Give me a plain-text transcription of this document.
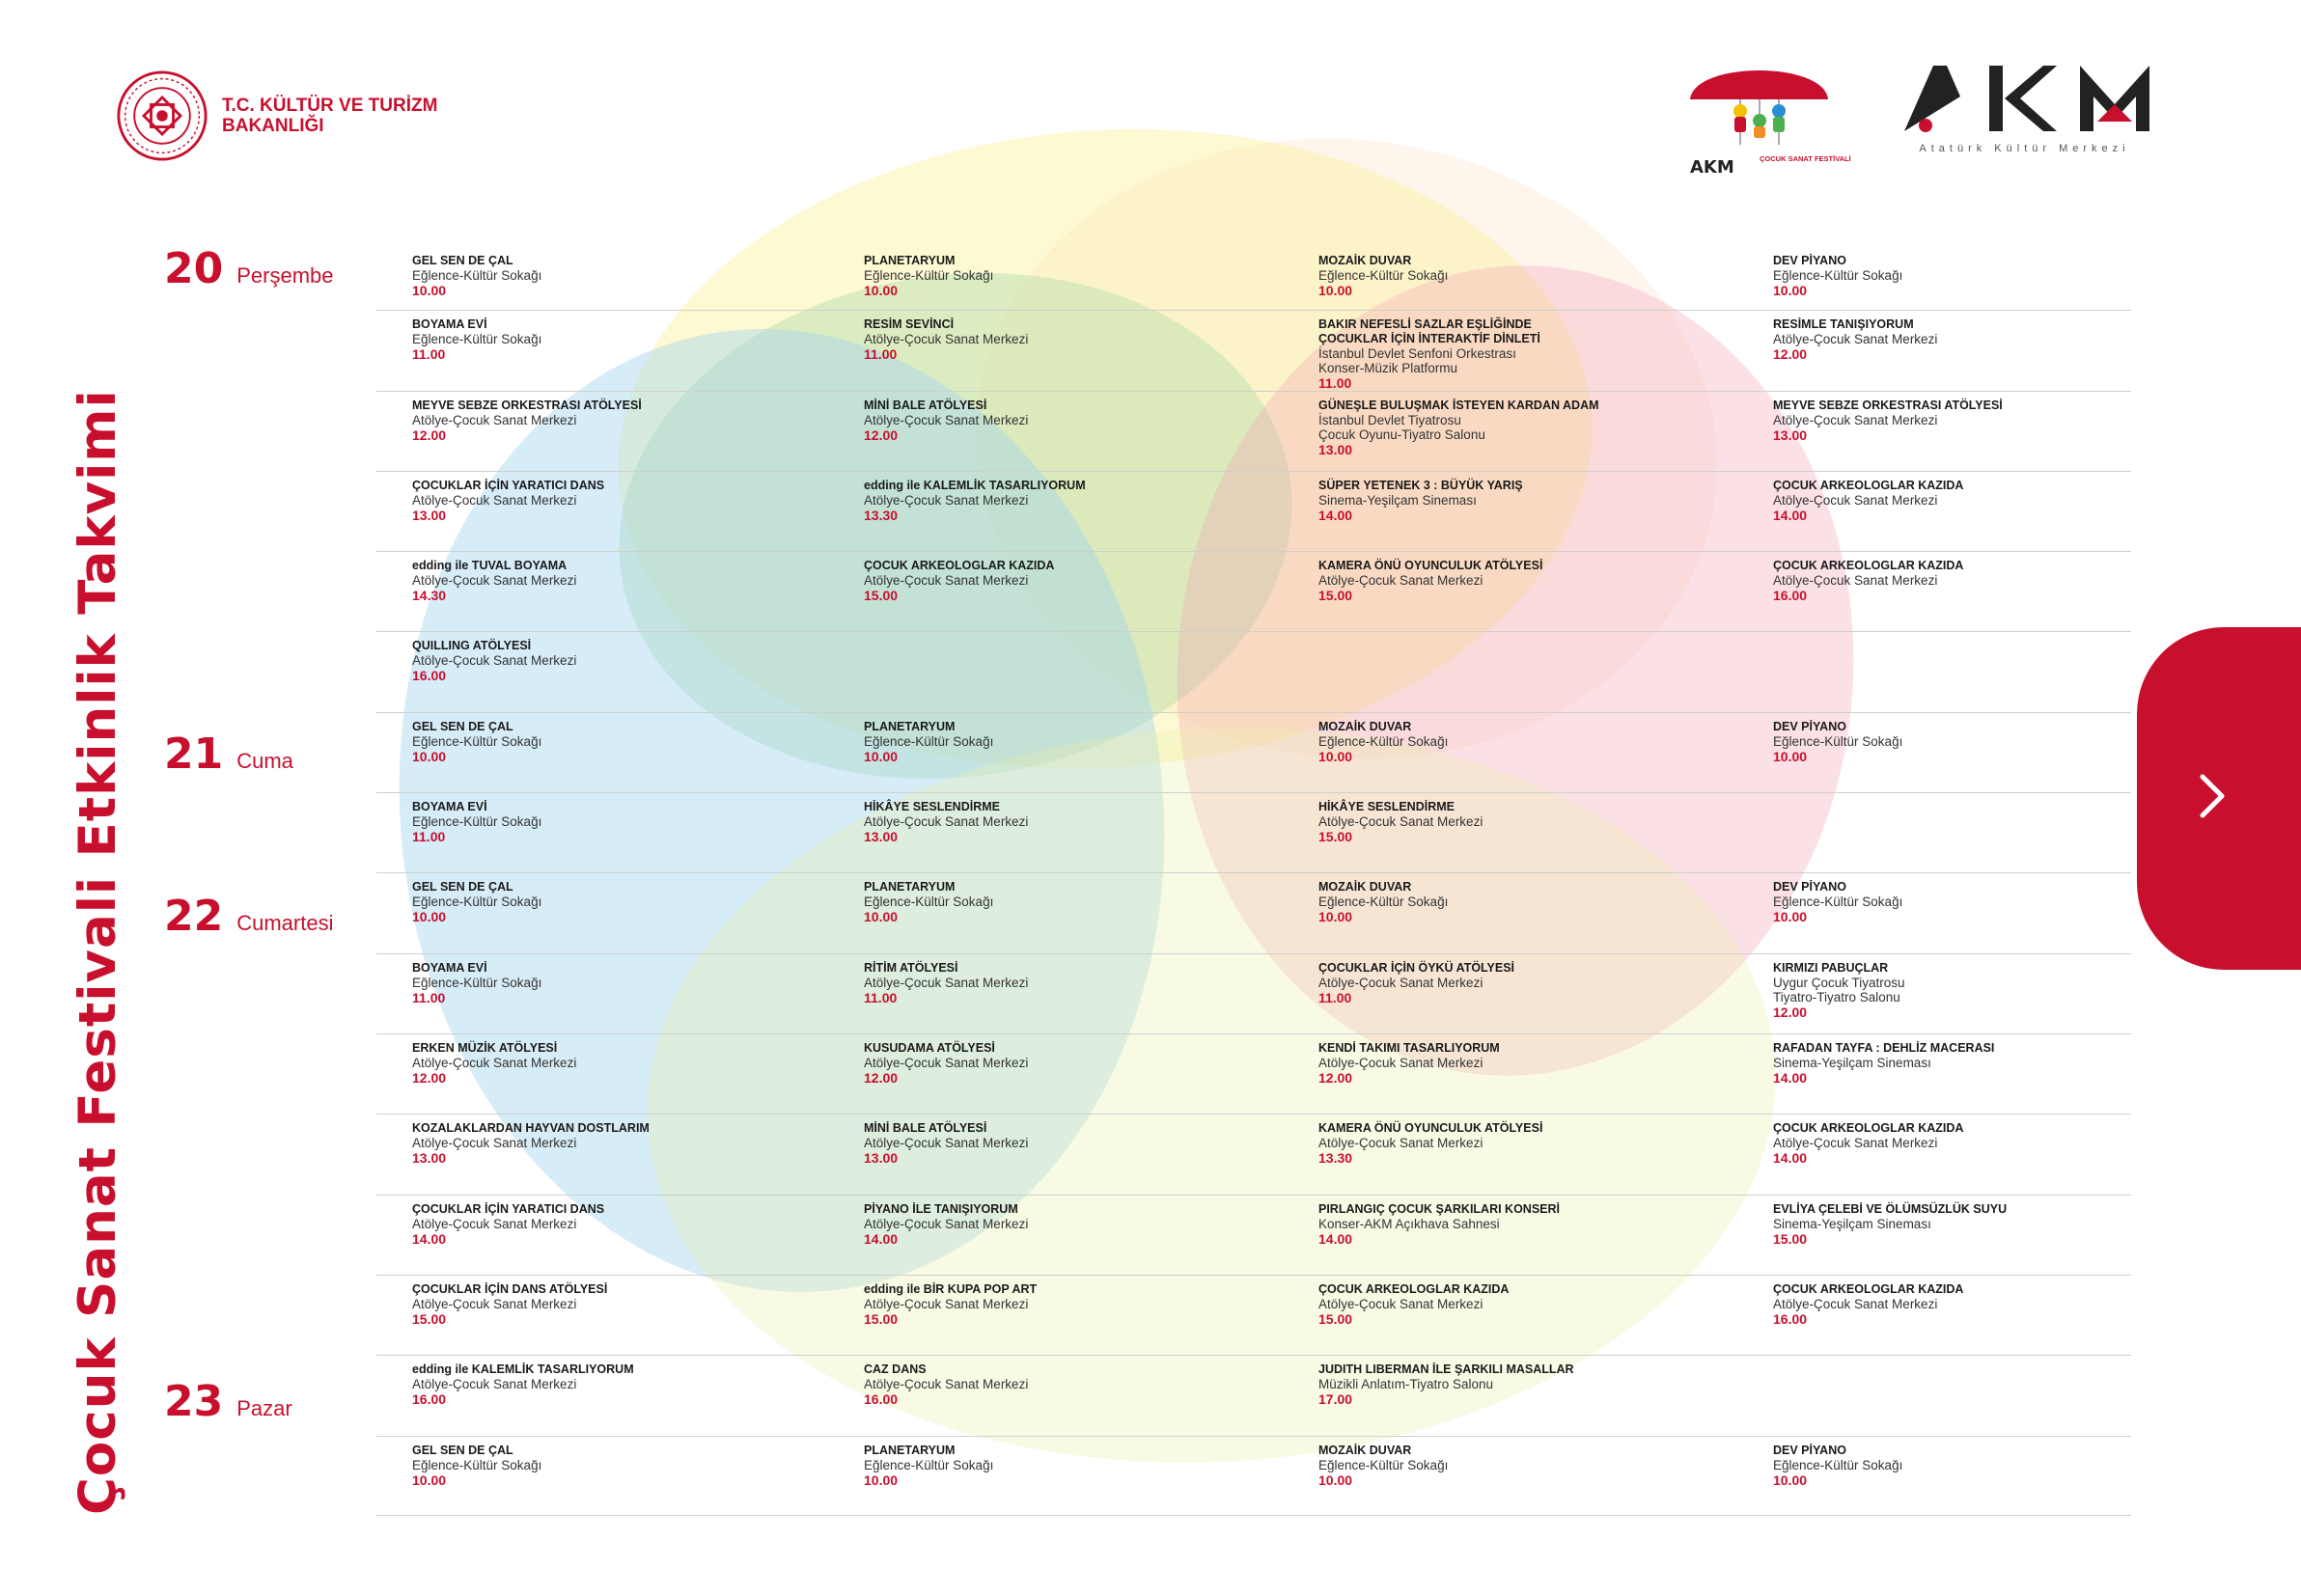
T.C. KÜLTÜR VE TURİZM
BAKANLIĞI
AKM	ÇOCUK SANAT FESTİVALİ
Atatürk Kültür Merkezi
Çocuk Sanat Festivali Etkinlik Takvimi
20 Perşembe
21 Cuma
22 Cumartesi
23 Pazar
GEL SEN DE ÇAL
Eğlence-Kültür Sokağı
10.00
PLANETARYUM
Eğlence-Kültür Sokağı
10.00
MOZAİK DUVAR
Eğlence-Kültür Sokağı
10.00
DEV PİYANO
Eğlence-Kültür Sokağı
10.00
BOYAMA EVİ
Eğlence-Kültür Sokağı
11.00
RESİM SEVİNCİ
Atölye-Çocuk Sanat Merkezi
11.00
BAKIR NEFESLİ SAZLAR EŞLİĞİNDE
ÇOCUKLAR İÇİN İNTERAKTİF DİNLETİ
İstanbul Devlet Senfoni Orkestrası
Konser-Müzik Platformu
11.00
RESİMLE TANIŞIYORUM
Atölye-Çocuk Sanat Merkezi
12.00
MEYVE SEBZE ORKESTRASI ATÖLYESİ
Atölye-Çocuk Sanat Merkezi
12.00
MİNİ BALE ATÖLYESİ
Atölye-Çocuk Sanat Merkezi
12.00
GÜNEŞLE BULUŞMAK İSTEYEN KARDAN ADAM
İstanbul Devlet Tiyatrosu
Çocuk Oyunu-Tiyatro Salonu
13.00
MEYVE SEBZE ORKESTRASI ATÖLYESİ
Atölye-Çocuk Sanat Merkezi
13.00
ÇOCUKLAR İÇİN YARATICI DANS
Atölye-Çocuk Sanat Merkezi
13.00
edding ile KALEMLİK TASARLIYORUM
Atölye-Çocuk Sanat Merkezi
13.30
SÜPER YETENEK 3 : BÜYÜK YARIŞ
Sinema-Yeşilçam Sineması
14.00
ÇOCUK ARKEOLOGLAR KAZIDA
Atölye-Çocuk Sanat Merkezi
14.00
edding ile TUVAL BOYAMA
Atölye-Çocuk Sanat Merkezi
14.30
ÇOCUK ARKEOLOGLAR KAZIDA
Atölye-Çocuk Sanat Merkezi
15.00
KAMERA ÖNÜ OYUNCULUK ATÖLYESİ
Atölye-Çocuk Sanat Merkezi
15.00
ÇOCUK ARKEOLOGLAR KAZIDA
Atölye-Çocuk Sanat Merkezi
16.00
QUILLING ATÖLYESİ
Atölye-Çocuk Sanat Merkezi
16.00
GEL SEN DE ÇAL
Eğlence-Kültür Sokağı
10.00
PLANETARYUM
Eğlence-Kültür Sokağı
10.00
MOZAİK DUVAR
Eğlence-Kültür Sokağı
10.00
DEV PİYANO
Eğlence-Kültür Sokağı
10.00
BOYAMA EVİ
Eğlence-Kültür Sokağı
11.00
HİKÂYE SESLENDİRME
Atölye-Çocuk Sanat Merkezi
13.00
HİKÂYE SESLENDİRME
Atölye-Çocuk Sanat Merkezi
15.00
GEL SEN DE ÇAL
Eğlence-Kültür Sokağı
10.00
PLANETARYUM
Eğlence-Kültür Sokağı
10.00
MOZAİK DUVAR
Eğlence-Kültür Sokağı
10.00
DEV PİYANO
Eğlence-Kültür Sokağı
10.00
BOYAMA EVİ
Eğlence-Kültür Sokağı
11.00
RİTİM ATÖLYESİ
Atölye-Çocuk Sanat Merkezi
11.00
ÇOCUKLAR İÇİN ÖYKÜ ATÖLYESİ
Atölye-Çocuk Sanat Merkezi
11.00
KIRMIZI PABUÇLAR
Uygur Çocuk Tiyatrosu
Tiyatro-Tiyatro Salonu
12.00
ERKEN MÜZİK ATÖLYESİ
Atölye-Çocuk Sanat Merkezi
12.00
KUSUDAMA ATÖLYESİ
Atölye-Çocuk Sanat Merkezi
12.00
KENDİ TAKIMI TASARLIYORUM
Atölye-Çocuk Sanat Merkezi
12.00
RAFADAN TAYFA : DEHLİZ MACERASI
Sinema-Yeşilçam Sineması
14.00
KOZALAKLARDAN HAYVAN DOSTLARIM
Atölye-Çocuk Sanat Merkezi
13.00
MİNİ BALE ATÖLYESİ
Atölye-Çocuk Sanat Merkezi
13.00
KAMERA ÖNÜ OYUNCULUK ATÖLYESİ
Atölye-Çocuk Sanat Merkezi
13.30
ÇOCUK ARKEOLOGLAR KAZIDA
Atölye-Çocuk Sanat Merkezi
14.00
ÇOCUKLAR İÇİN YARATICI DANS
Atölye-Çocuk Sanat Merkezi
14.00
PİYANO İLE TANIŞIYORUM
Atölye-Çocuk Sanat Merkezi
14.00
PIRLANGIÇ ÇOCUK ŞARKILARI KONSERİ
Konser-AKM Açıkhava Sahnesi
14.00
EVLİYA ÇELEBİ VE ÖLÜMSÜZLÜK SUYU
Sinema-Yeşilçam Sineması
15.00
ÇOCUKLAR İÇİN DANS ATÖLYESİ
Atölye-Çocuk Sanat Merkezi
15.00
edding ile BİR KUPA POP ART
Atölye-Çocuk Sanat Merkezi
15.00
ÇOCUK ARKEOLOGLAR KAZIDA
Atölye-Çocuk Sanat Merkezi
15.00
ÇOCUK ARKEOLOGLAR KAZIDA
Atölye-Çocuk Sanat Merkezi
16.00
edding ile KALEMLİK TASARLIYORUM
Atölye-Çocuk Sanat Merkezi
16.00
CAZ DANS
Atölye-Çocuk Sanat Merkezi
16.00
JUDITH LIBERMAN İLE ŞARKILI MASALLAR
Müzikli Anlatım-Tiyatro Salonu
17.00
GEL SEN DE ÇAL
Eğlence-Kültür Sokağı
10.00
PLANETARYUM
Eğlence-Kültür Sokağı
10.00
MOZAİK DUVAR
Eğlence-Kültür Sokağı
10.00
DEV PİYANO
Eğlence-Kültür Sokağı
10.00
